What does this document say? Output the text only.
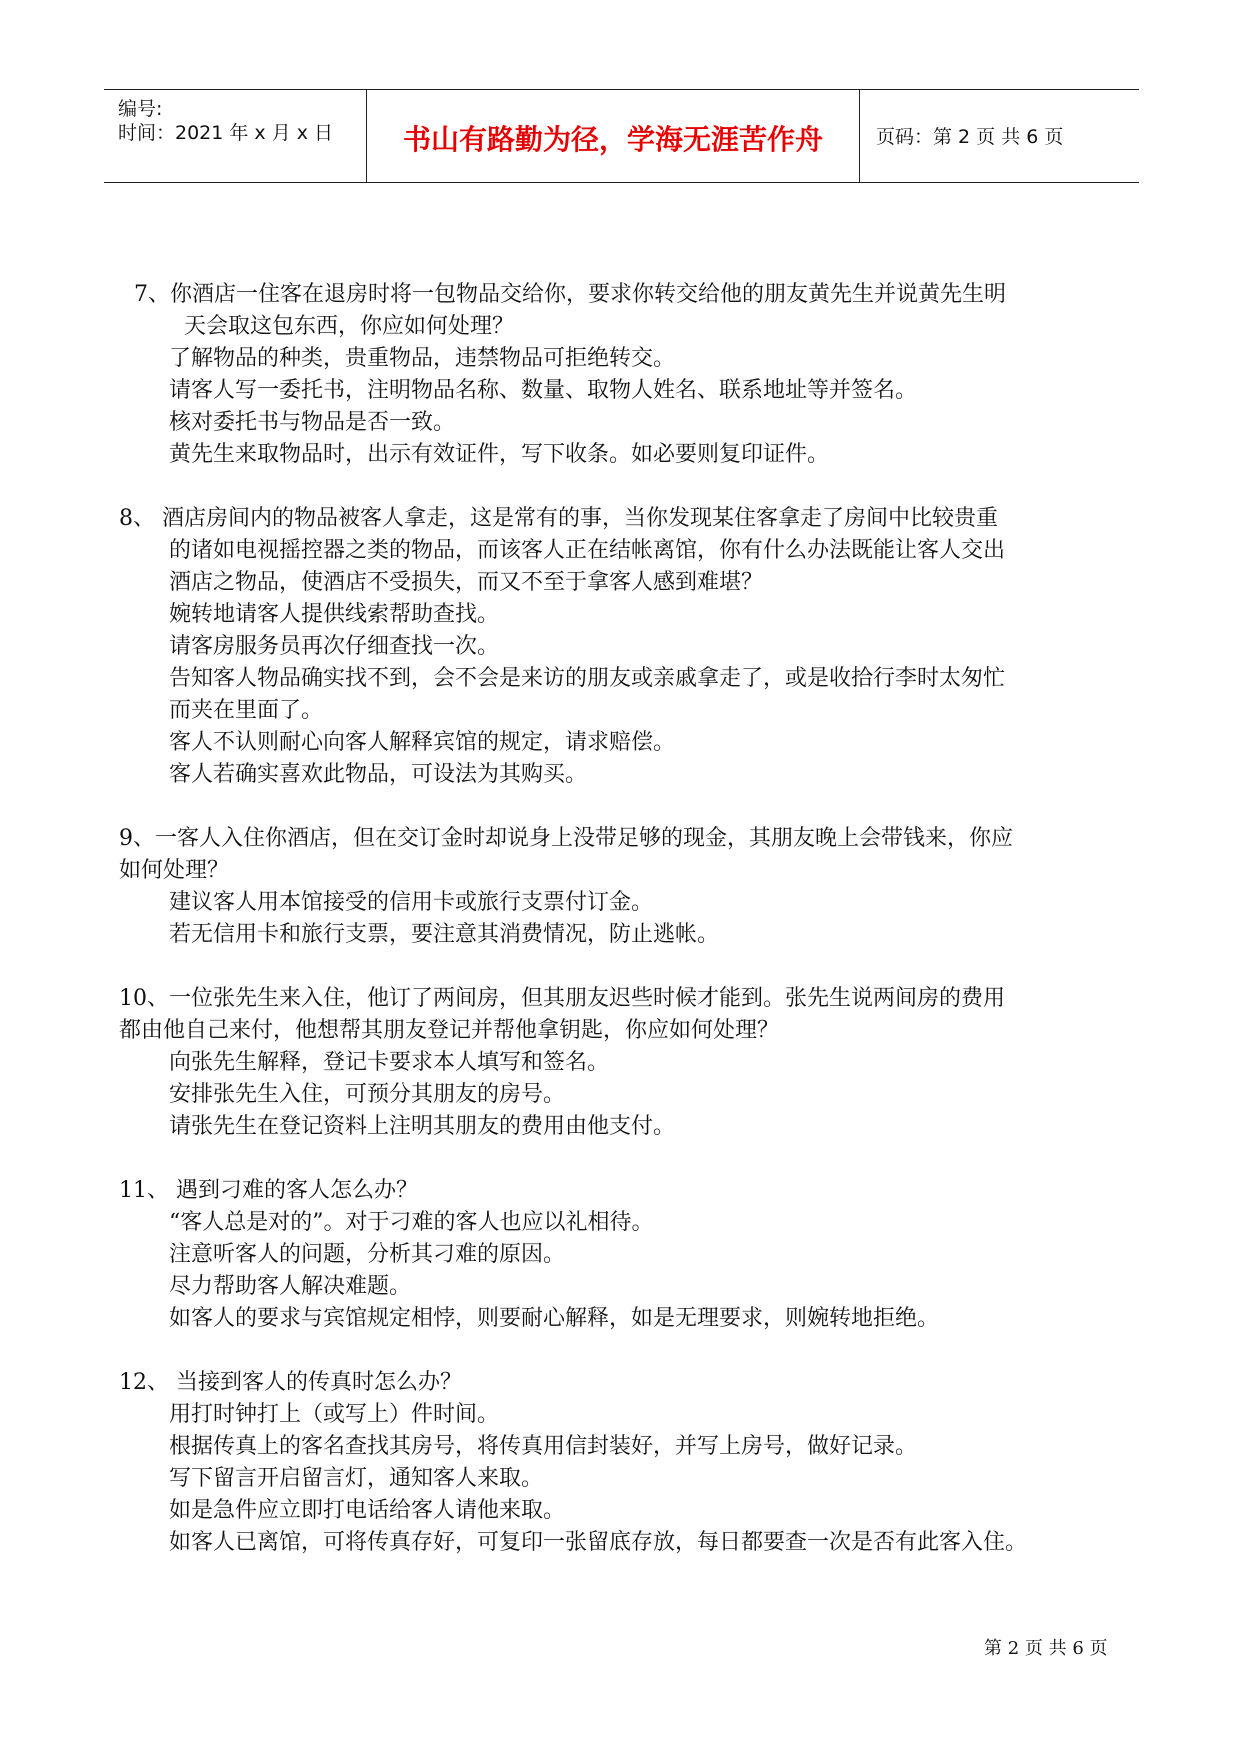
编号:
时间：2021 年 x 月 x 日	书山有路勤为径，学海无涯苦作舟	页码：第 2 页 共 6 页
7、你酒店一住客在退房时将一包物品交给你，要求你转交给他的朋友黄先生并说黄先生明
天会取这包东西，你应如何处理？
了解物品的种类，贵重物品，违禁物品可拒绝转交。
请客人写一委托书，注明物品名称、数量、取物人姓名、联系地址等并签名。
核对委托书与物品是否一致。
黄先生来取物品时，出示有效证件，写下收条。如必要则复印证件。
8、 酒店房间内的物品被客人拿走，这是常有的事，当你发现某住客拿走了房间中比较贵重
的诸如电视摇控器之类的物品，而该客人正在结帐离馆，你有什么办法既能让客人交出
酒店之物品，使酒店不受损失，而又不至于拿客人感到难堪？
婉转地请客人提供线索帮助查找。
请客房服务员再次仔细查找一次。
告知客人物品确实找不到，会不会是来访的朋友或亲戚拿走了，或是收拾行李时太匆忙
而夹在里面了。
客人不认则耐心向客人解释宾馆的规定，请求赔偿。
客人若确实喜欢此物品，可设法为其购买。
9、一客人入住你酒店，但在交订金时却说身上没带足够的现金，其朋友晚上会带钱来，你应
如何处理？
建议客人用本馆接受的信用卡或旅行支票付订金。
若无信用卡和旅行支票，要注意其消费情况，防止逃帐。
10、一位张先生来入住，他订了两间房，但其朋友迟些时候才能到。张先生说两间房的费用
都由他自己来付，他想帮其朋友登记并帮他拿钥匙，你应如何处理？
向张先生解释，登记卡要求本人填写和签名。
安排张先生入住，可预分其朋友的房号。
请张先生在登记资料上注明其朋友的费用由他支付。
11、 遇到刁难的客人怎么办？
“客人总是对的”。对于刁难的客人也应以礼相待。
注意听客人的问题，分析其刁难的原因。
尽力帮助客人解决难题。
如客人的要求与宾馆规定相悖，则要耐心解释，如是无理要求，则婉转地拒绝。
12、 当接到客人的传真时怎么办？
用打时钟打上（或写上）件时间。
根据传真上的客名查找其房号，将传真用信封装好，并写上房号，做好记录。
写下留言开启留言灯，通知客人来取。
如是急件应立即打电话给客人请他来取。
如客人已离馆，可将传真存好，可复印一张留底存放，每日都要查一次是否有此客入住。
第 2 页 共 6 页
